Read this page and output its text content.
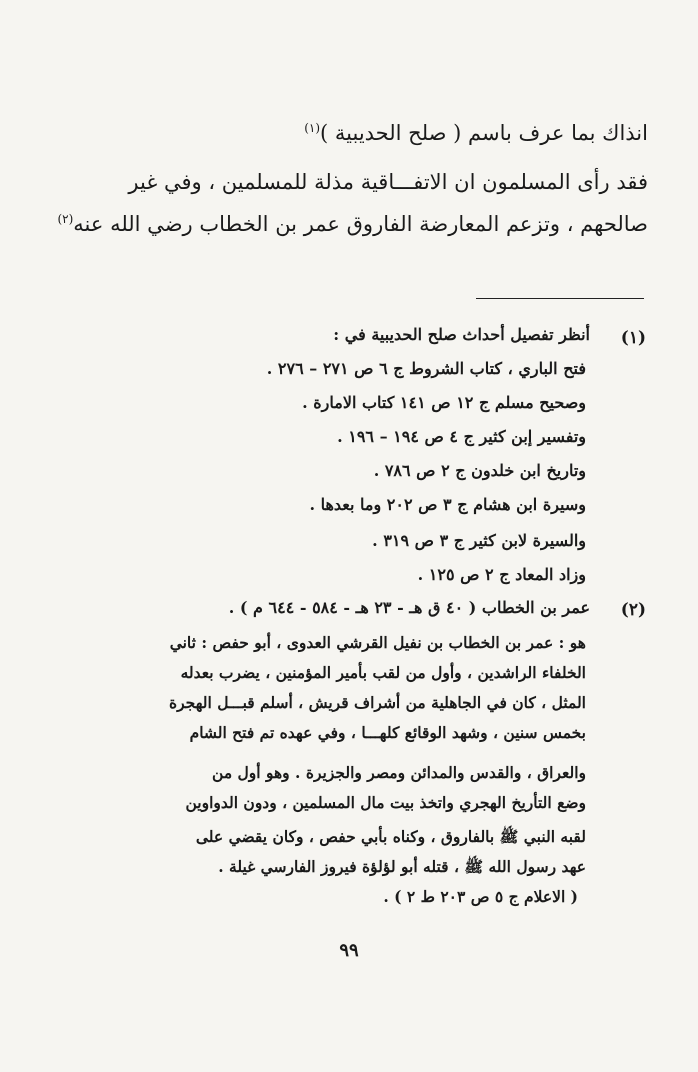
انذاك بما عرف باسم ( صلح الحديبية )$^{(١)}$
فقد رأى المسلمون ان الاتفـــاقية مذلة للمسلمين ، وفي غير
صالحهم ، وتزعم المعارضة الفاروق عمر بن الخطاب رضي الله عنه$^{(٢)}$
(١)
أنظر تفصيل أحداث صلح الحديبية في :
فتح الباري ، كتاب الشروط ج ٦ ص ٢٧١ – ٢٧٦ .
وصحيح مسلم ج ١٢ ص ١٤١ كتاب الامارة .
وتفسير إبن كثير ج ٤ ص ١٩٤ – ١٩٦ .
وتاريخ ابن خلدون ج ٢ ص ٧٨٦ .
وسيرة ابن هشام ج ٣ ص ٢٠٢ وما بعدها .
والسيرة لابن كثير ج ٣ ص ٣١٩ .
وزاد المعاد ج ٢ ص ١٢٥ .
(٢)
عمر بن الخطاب ( ٤٠ ق هـ - ٢٣ هـ - ٥٨٤ - ٦٤٤ م ) .
هو : عمر بن الخطاب بن نفيل القرشي العدوى ، أبو حفص : ثاني
الخلفاء الراشدين ، وأول من لقب بأمير المؤمنين ، يضرب بعدله
المثل ، كان في الجاهلية من أشراف قريش ، أسلم قبـــل الهجرة
بخمس سنين ، وشهد الوقائع كلهـــا ، وفي عهده تم فتح الشام
والعراق ، والقدس والمدائن ومصر والجزيرة . وهو أول من
وضع التأريخ الهجري واتخذ بيت مال المسلمين ، ودون الدواوين
لقبه النبي ﷺ بالفاروق ، وكناه بأبي حفص ، وكان يقضي على
عهد رسول الله ﷺ ، قتله أبو لؤلؤة فيروز الفارسي غيلة .
( الاعلام ج ٥ ص ٢٠٣ ط ٢ ) .
٩٩
